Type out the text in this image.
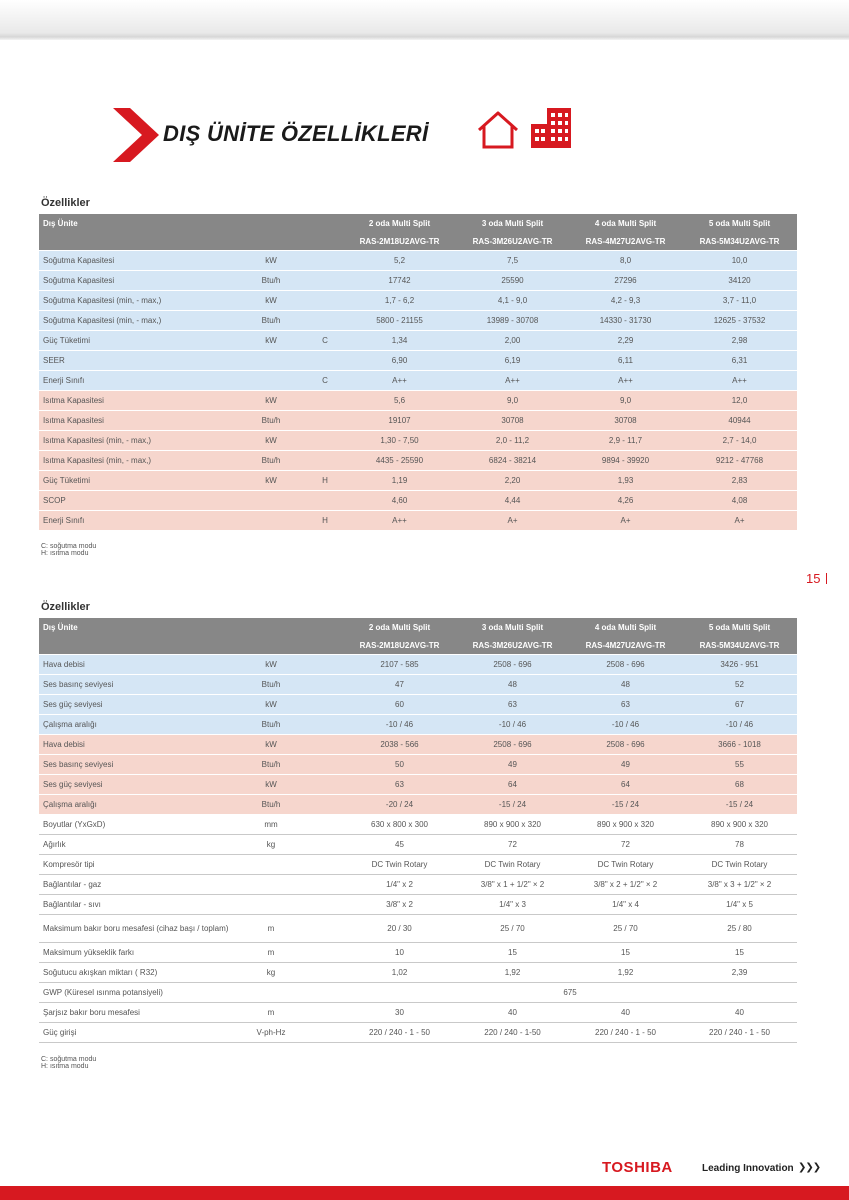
DIŞ ÜNİTE ÖZELLİKLERİ
Özellikler
Dış Ünite			2 oda Multi Split	3 oda Multi Split	4 oda Multi Split	5 oda Multi Split
			RAS-2M18U2AVG-TR	RAS-3M26U2AVG-TR	RAS-4M27U2AVG-TR	RAS-5M34U2AVG-TR
Soğutma Kapasitesi	kW		5,2	7,5	8,0	10,0
Soğutma Kapasitesi	Btu/h		17742	25590	27296	34120
Soğutma Kapasitesi (min, - max,)	kW		1,7 - 6,2	4,1 - 9,0	4,2 - 9,3	3,7 - 11,0
Soğutma Kapasitesi (min, - max,)	Btu/h		5800 - 21155	13989 - 30708	14330 - 31730	12625 - 37532
Güç Tüketimi	kW	C	1,34	2,00	2,29	2,98
SEER			6,90	6,19	6,11	6,31
Enerji Sınıfı		C	A++	A++	A++	A++
Isıtma Kapasitesi	kW		5,6	9,0	9,0	12,0
Isıtma Kapasitesi	Btu/h		19107	30708	30708	40944
Isıtma Kapasitesi (min, - max,)	kW		1,30 - 7,50	2,0 - 11,2	2,9 - 11,7	2,7 - 14,0
Isıtma Kapasitesi (min, - max,)	Btu/h		4435 - 25590	6824 - 38214	9894 - 39920	9212 - 47768
Güç Tüketimi	kW	H	1,19	2,20	1,93	2,83
SCOP			4,60	4,44	4,26	4,08
Enerji Sınıfı		H	A++	A+	A+	A+
C: soğutma modu
H: ısıtma modu
15
Özellikler
Dış Ünite			2 oda Multi Split	3 oda Multi Split	4 oda Multi Split	5 oda Multi Split
			RAS-2M18U2AVG-TR	RAS-3M26U2AVG-TR	RAS-4M27U2AVG-TR	RAS-5M34U2AVG-TR
Hava debisi	kW		2107 - 585	2508 - 696	2508 - 696	3426 - 951
Ses basınç seviyesi	Btu/h		47	48	48	52
Ses güç seviyesi	kW		60	63	63	67
Çalışma aralığı	Btu/h		-10 / 46	-10 / 46	-10 / 46	-10 / 46
Hava debisi	kW		2038 - 566	2508 - 696	2508 - 696	3666 - 1018
Ses basınç seviyesi	Btu/h		50	49	49	55
Ses güç seviyesi	kW		63	64	64	68
Çalışma aralığı	Btu/h		-20 / 24	-15 / 24	-15 / 24	-15 / 24
Boyutlar (YxGxD)	mm		630 x 800 x 300	890 x 900 x 320	890 x 900 x 320	890 x 900 x 320
Ağırlık	kg		45	72	72	78
Kompresör tipi			DC Twin Rotary	DC Twin Rotary	DC Twin Rotary	DC Twin Rotary
Bağlantılar - gaz			1/4" x 2	3/8" x 1 + 1/2" × 2	3/8" x 2 + 1/2" × 2	3/8" x 3 + 1/2" × 2
Bağlantılar - sıvı			3/8" x 2	1/4" x 3	1/4" x 4	1/4" x 5
Maksimum bakır boru mesafesi (cihaz başı / toplam)	m		20 / 30	25 / 70	25 / 70	25 / 80
Maksimum yükseklik farkı	m		10	15	15	15
Soğutucu akışkan miktarı ( R32)	kg		1,02	1,92	1,92	2,39
GWP (Küresel ısınma potansiyeli)			675			
Şarjsız bakır boru mesafesi	m		30	40	40	40
Güç girişi	V-ph-Hz		220 / 240 - 1 - 50	220 / 240 - 1-50	220 / 240 - 1 - 50	220 / 240 - 1 - 50
C: soğutma modu
H: ısıtma modu
TOSHIBA	Leading Innovation ❯❯❯
